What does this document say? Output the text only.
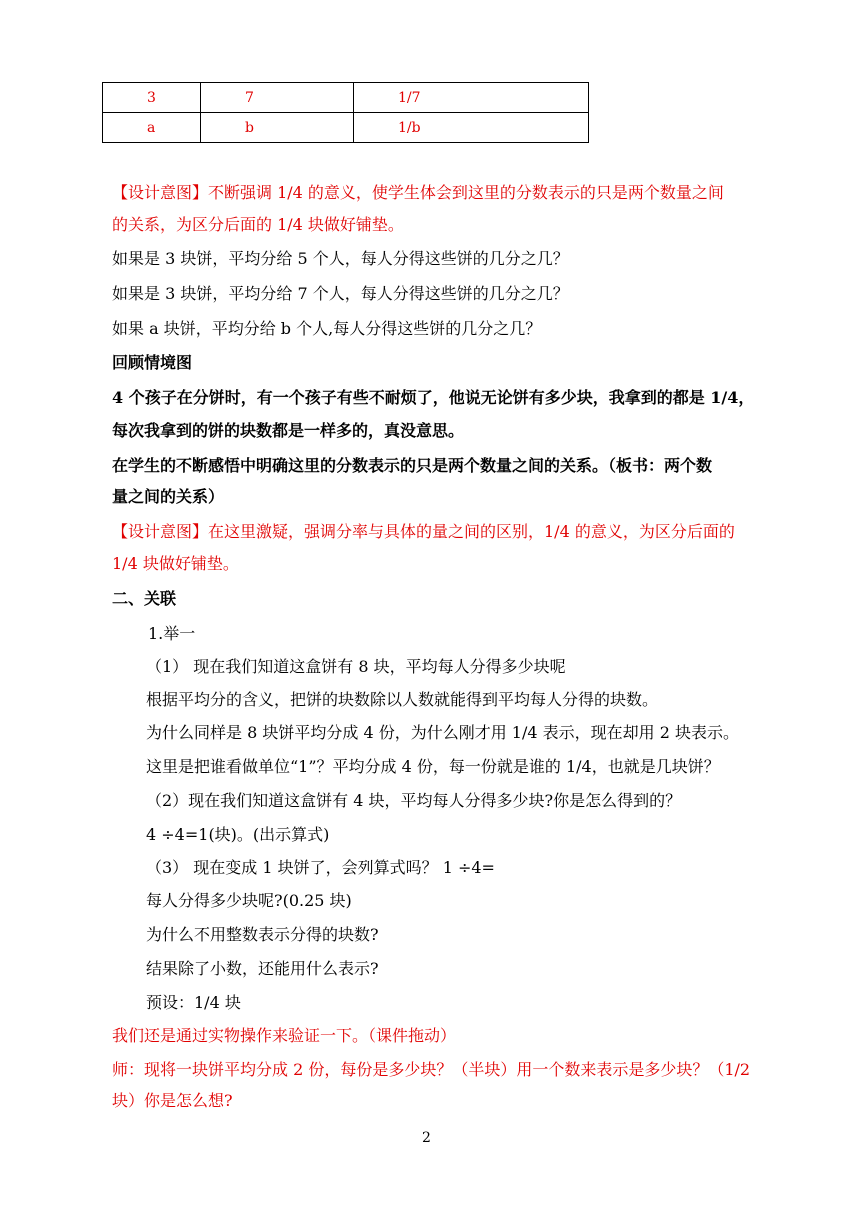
3	7	1/7
a	b	1/b
【设计意图】不断强调 1/4 的意义，使学生体会到这里的分数表示的只是两个数量之间
的关系，为区分后面的 1/4 块做好铺垫。
如果是 3 块饼，平均分给 5 个人，每人分得这些饼的几分之几？
如果是 3 块饼，平均分给 7 个人，每人分得这些饼的几分之几？
如果 a 块饼，平均分给 b 个人,每人分得这些饼的几分之几？
回顾情境图
4 个孩子在分饼时，有一个孩子有些不耐烦了，他说无论饼有多少块，我拿到的都是 1/4，
每次我拿到的饼的块数都是一样多的，真没意思。
在学生的不断感悟中明确这里的分数表示的只是两个数量之间的关系。（板书：两个数
量之间的关系）
【设计意图】在这里激疑，强调分率与具体的量之间的区别，1/4 的意义，为区分后面的
1/4 块做好铺垫。
二、关联
1.举一
（1） 现在我们知道这盒饼有 8 块，平均每人分得多少块呢
根据平均分的含义，把饼的块数除以人数就能得到平均每人分得的块数。
为什么同样是 8 块饼平均分成 4 份，为什么刚才用 1/4 表示，现在却用 2 块表示。
这里是把谁看做单位“1”？平均分成 4 份，每一份就是谁的 1/4，也就是几块饼？
（2）现在我们知道这盒饼有 4 块，平均每人分得多少块?你是怎么得到的？
4 ÷4=1(块)。(出示算式)
（3） 现在变成 1 块饼了，会列算式吗？ 1 ÷4=
每人分得多少块呢?(0.25 块)
为什么不用整数表示分得的块数?
结果除了小数，还能用什么表示?
预设：1/4 块
我们还是通过实物操作来验证一下。（课件拖动）
师：现将一块饼平均分成 2 份，每份是多少块？（半块）用一个数来表示是多少块？（1/2
块）你是怎么想?
2
